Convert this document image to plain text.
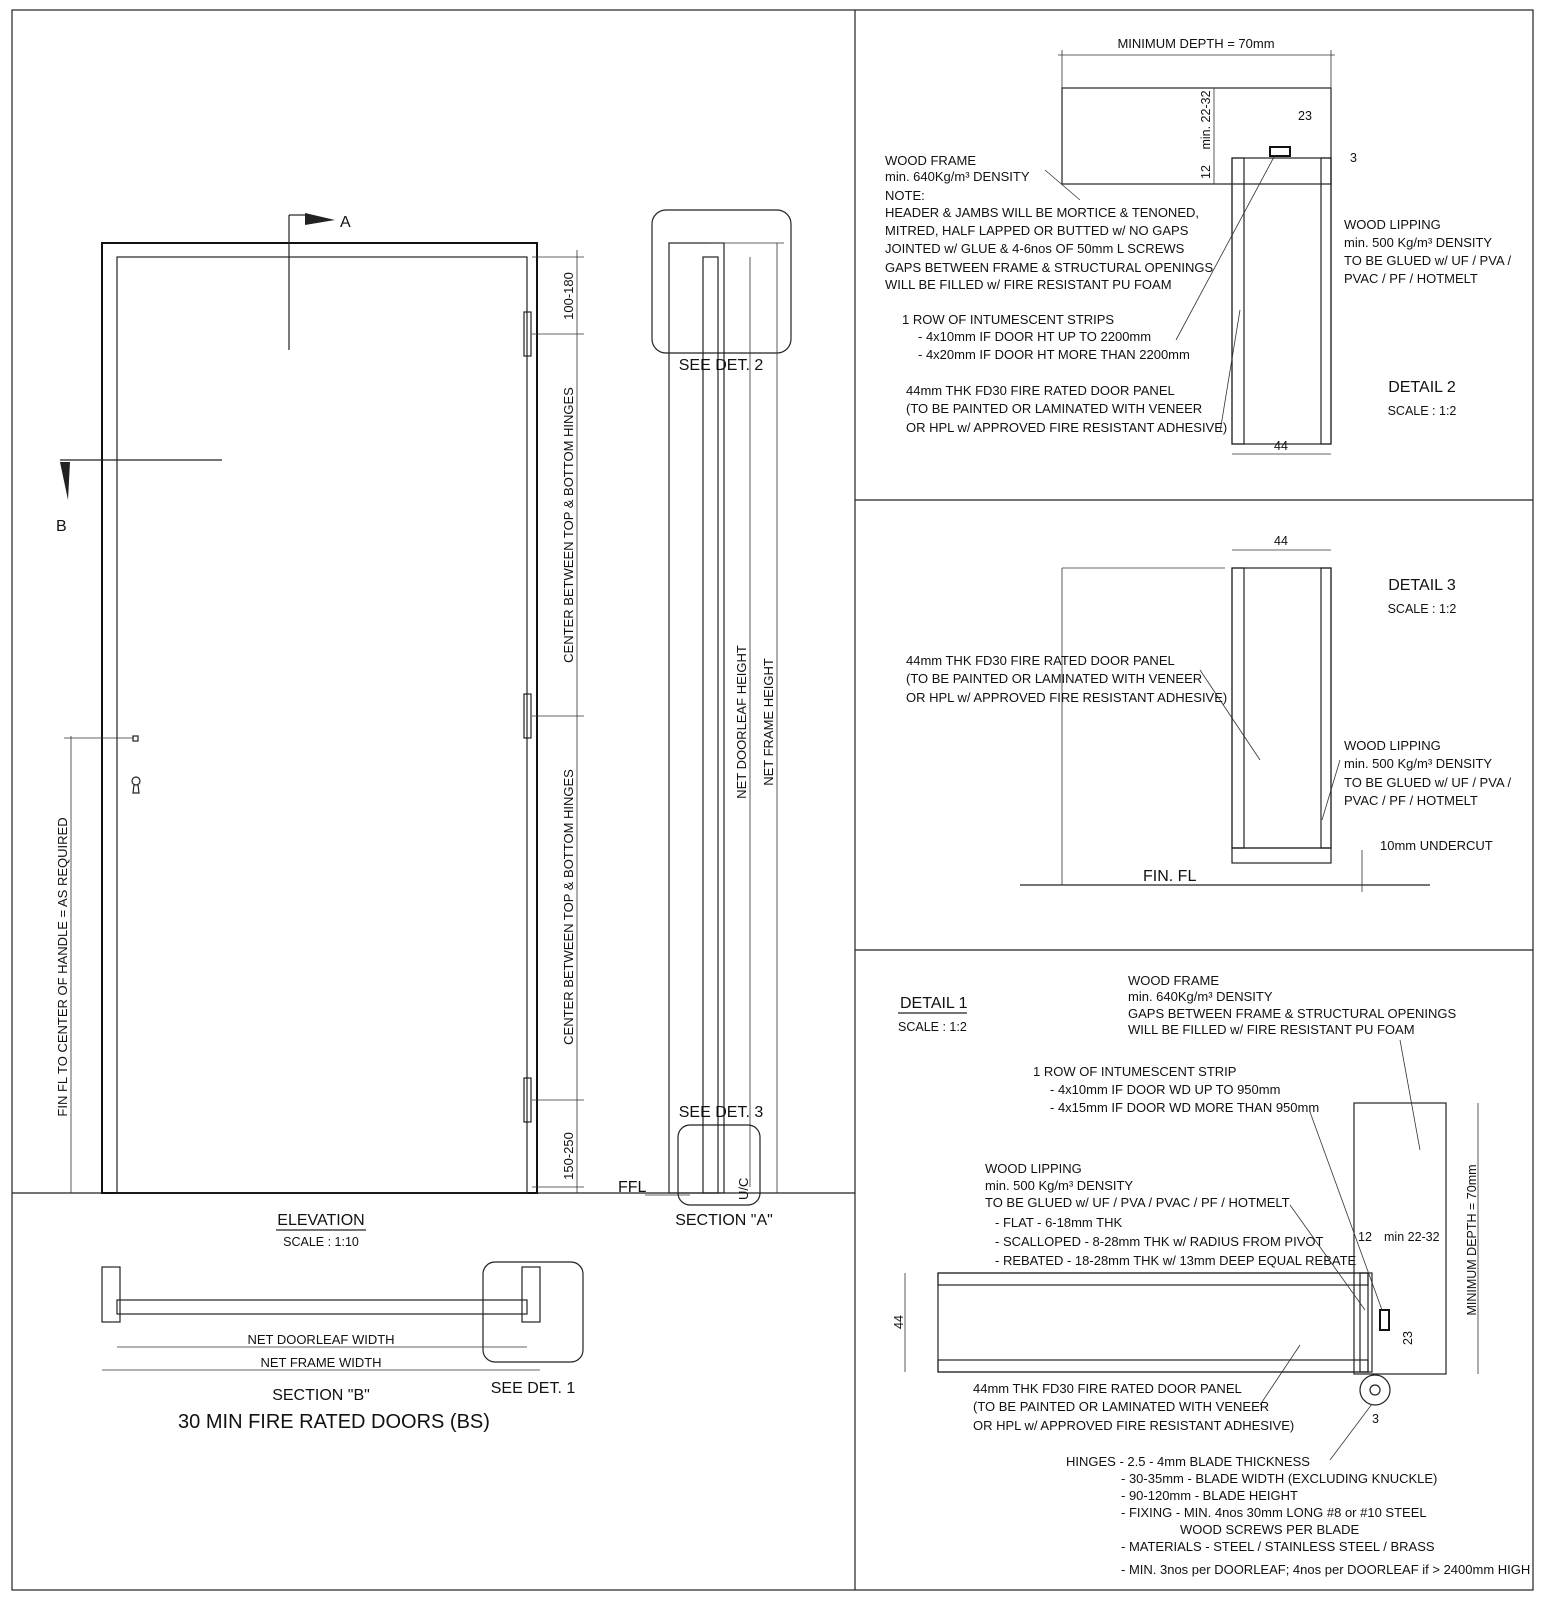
A
B
100-180
CENTER BETWEEN TOP & BOTTOM HINGES
CENTER BETWEEN TOP & BOTTOM HINGES
150-250
FIN FL TO CENTER OF HANDLE = AS REQUIRED
ELEVATION
SCALE : 1:10
SEE DET. 2
SEE DET. 3
NET DOORLEAF HEIGHT NET FRAME HEIGHT
FFL	U/C
SECTION "A"
NET DOORLEAF WIDTH
NET FRAME WIDTH
SECTION "B"	SEE DET. 1
30 MIN FIRE RATED DOORS (BS)
MINIMUM DEPTH = 70mm
min. 22-32
12
23
3
44
WOOD FRAME
min. 640Kg/m³ DENSITY
NOTE:
HEADER & JAMBS WILL BE MORTICE & TENONED,
MITRED, HALF LAPPED OR BUTTED w/ NO GAPS
JOINTED w/ GLUE & 4-6nos OF 50mm L SCREWS
GAPS BETWEEN FRAME & STRUCTURAL OPENINGS
WILL BE FILLED w/ FIRE RESISTANT PU FOAM
1 ROW OF INTUMESCENT STRIPS
- 4x10mm IF DOOR HT UP TO 2200mm
- 4x20mm IF DOOR HT MORE THAN 2200mm
44mm THK FD30 FIRE RATED DOOR PANEL
(TO BE PAINTED OR LAMINATED WITH VENEER
OR HPL w/ APPROVED FIRE RESISTANT ADHESIVE)
WOOD LIPPING
min. 500 Kg/m³ DENSITY
TO BE GLUED w/ UF / PVA /
PVAC / PF / HOTMELT
DETAIL 2
SCALE : 1:2
44
FIN. FL
10mm UNDERCUT
44mm THK FD30 FIRE RATED DOOR PANEL
(TO BE PAINTED OR LAMINATED WITH VENEER
OR HPL w/ APPROVED FIRE RESISTANT ADHESIVE)
WOOD LIPPING
min. 500 Kg/m³ DENSITY
TO BE GLUED w/ UF / PVA /
PVAC / PF / HOTMELT
DETAIL 3
SCALE : 1:2
DETAIL 1
SCALE : 1:2
WOOD FRAME
min. 640Kg/m³ DENSITY
GAPS BETWEEN FRAME & STRUCTURAL OPENINGS
WILL BE FILLED w/ FIRE RESISTANT PU FOAM
1 ROW OF INTUMESCENT STRIP
- 4x10mm IF DOOR WD UP TO 950mm
- 4x15mm IF DOOR WD MORE THAN 950mm
WOOD LIPPING
min. 500 Kg/m³ DENSITY
TO BE GLUED w/ UF / PVA / PVAC / PF / HOTMELT
- FLAT - 6-18mm THK
- SCALLOPED - 8-28mm THK w/ RADIUS FROM PIVOT
- REBATED - 18-28mm THK w/ 13mm DEEP EQUAL REBATE
44
MINIMUM DEPTH = 70mm
12 min 22-32
23
3
44mm THK FD30 FIRE RATED DOOR PANEL
(TO BE PAINTED OR LAMINATED WITH VENEER
OR HPL w/ APPROVED FIRE RESISTANT ADHESIVE)
HINGES - 2.5 - 4mm BLADE THICKNESS
- 30-35mm - BLADE WIDTH (EXCLUDING KNUCKLE)
- 90-120mm - BLADE HEIGHT
- FIXING - MIN. 4nos 30mm LONG #8 or #10 STEEL
WOOD SCREWS PER BLADE
- MATERIALS - STEEL / STAINLESS STEEL / BRASS
- MIN. 3nos per DOORLEAF; 4nos per DOORLEAF if > 2400mm HIGH
